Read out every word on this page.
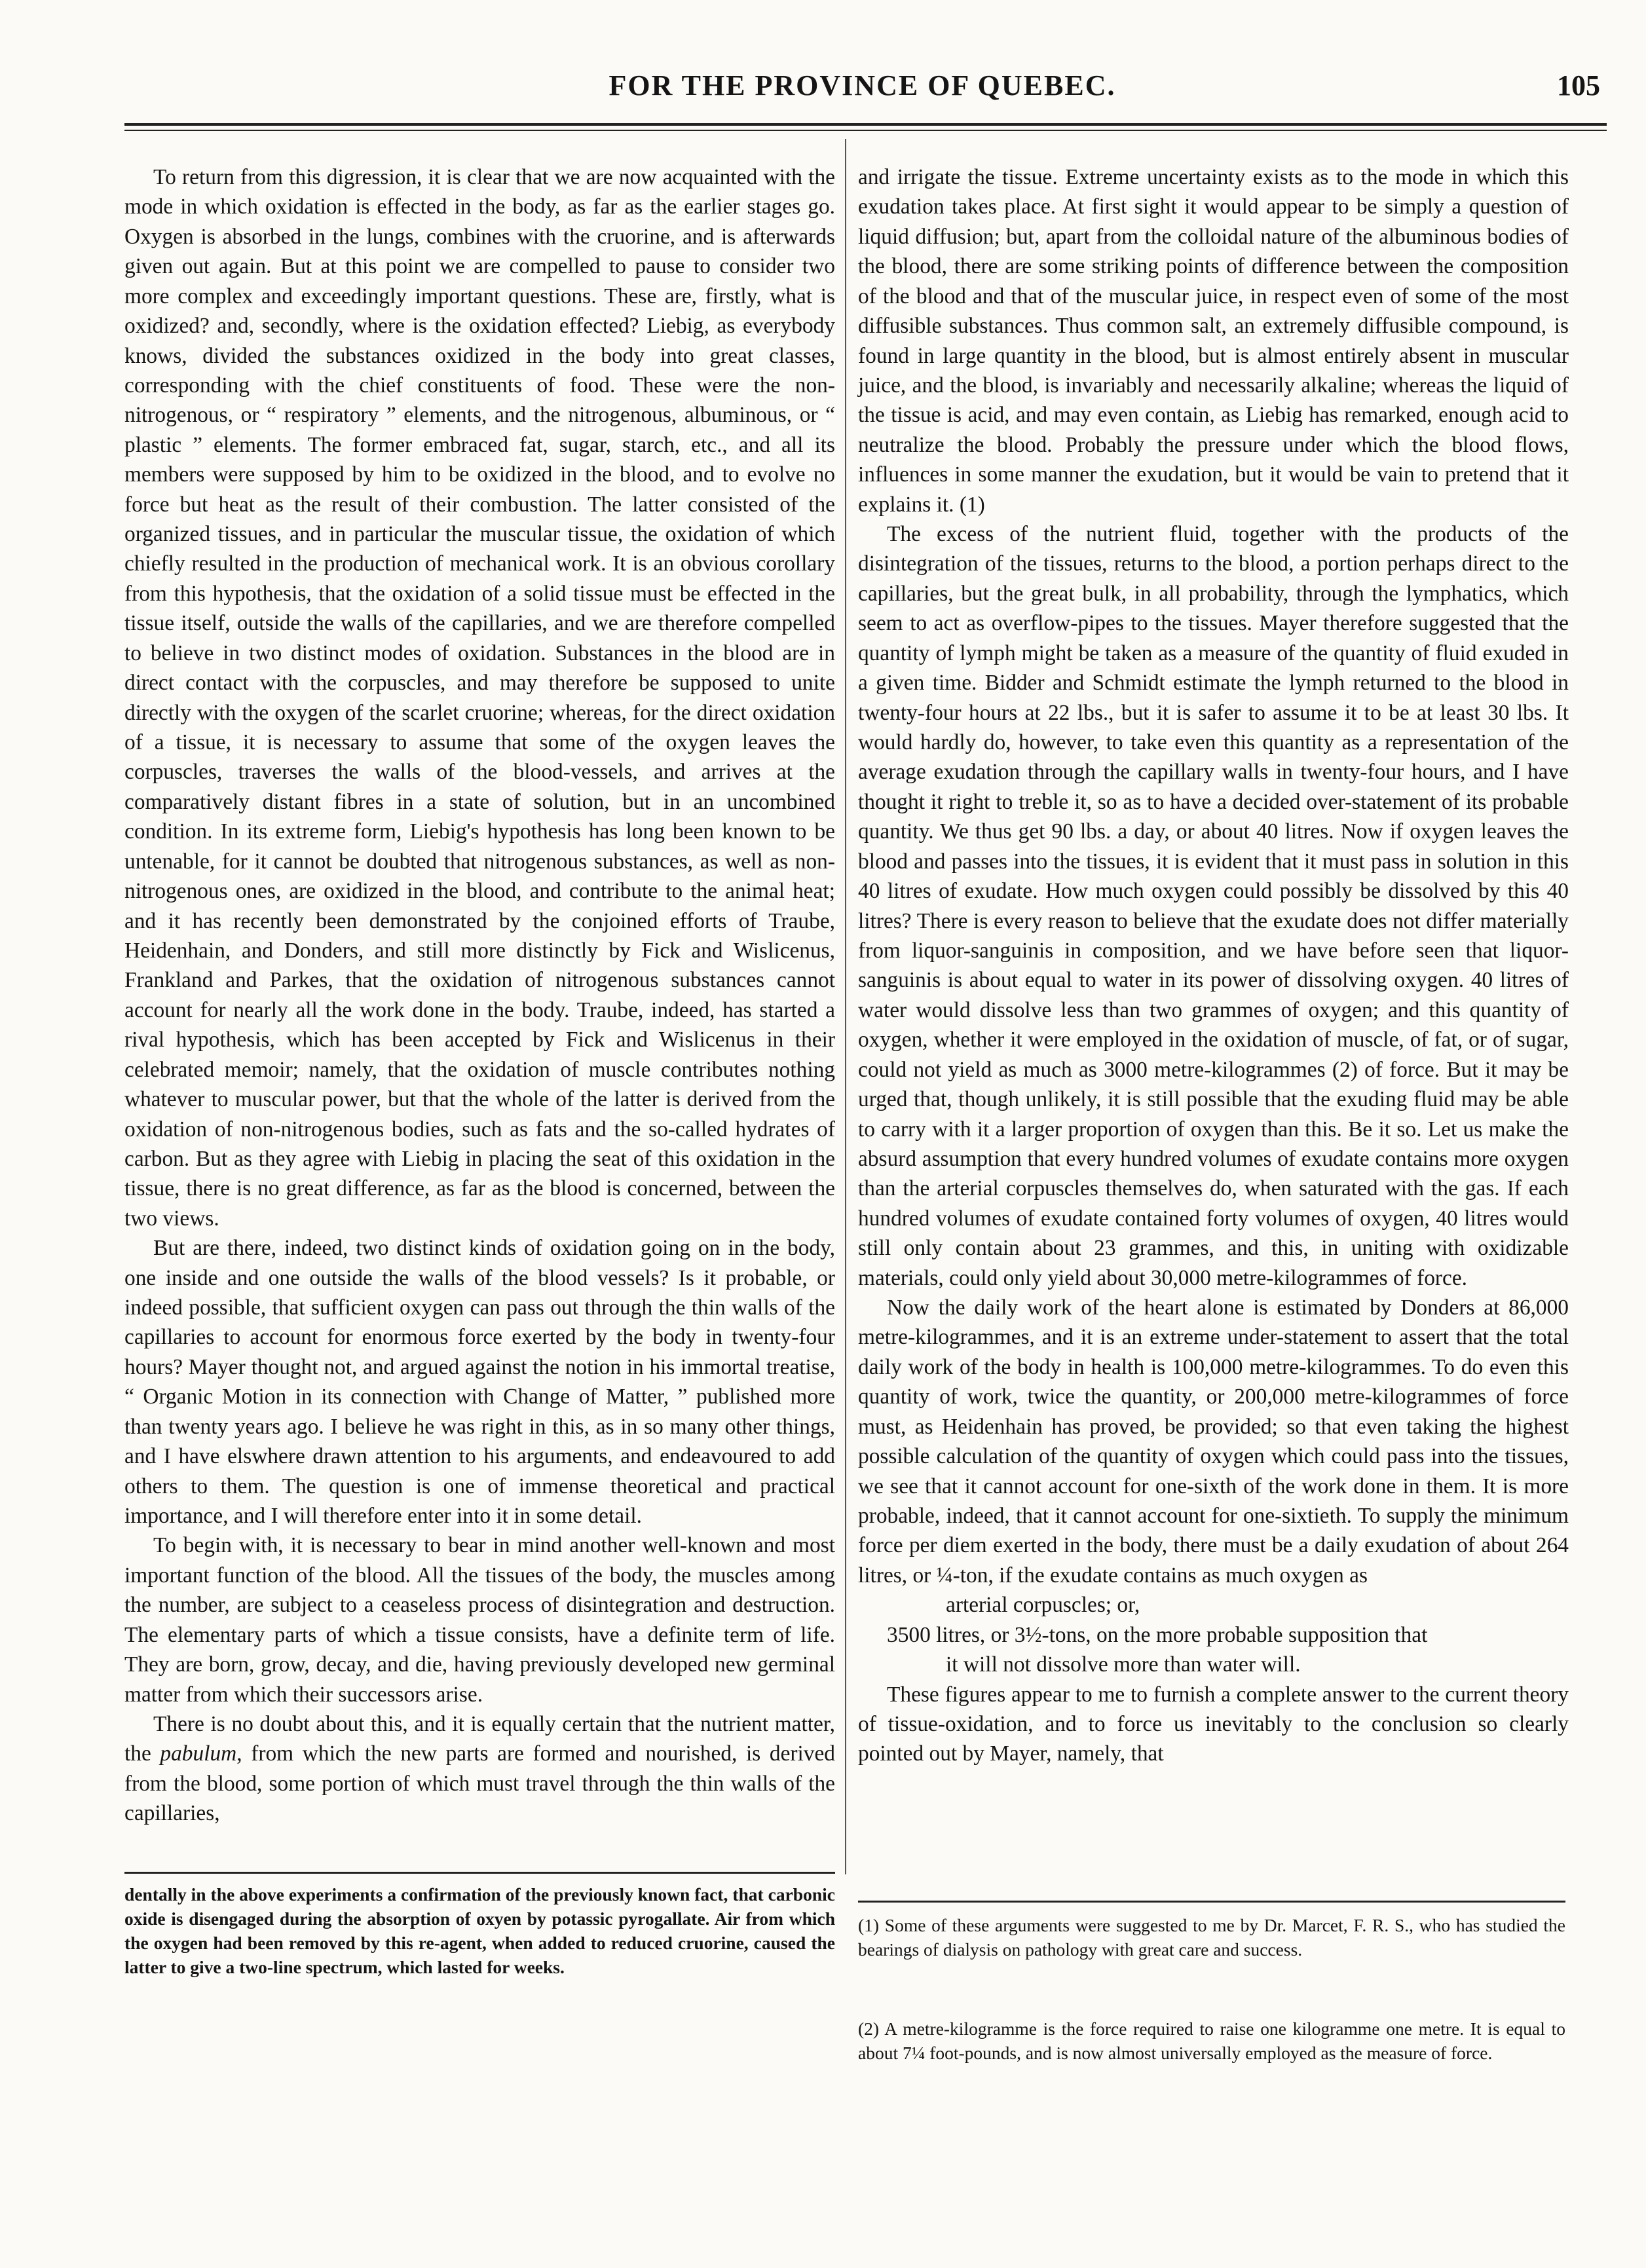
FOR THE PROVINCE OF QUEBEC.	105

To return from this digression, it is clear that we are now acquainted with the mode in which oxidation is effected in the body, as far as the earlier stages go. Oxygen is absorbed in the lungs, combines with the cruorine, and is afterwards given out again. But at this point we are compelled to pause to consider two more complex and exceedingly important questions. These are, firstly, what is oxidized? and, secondly, where is the oxidation effected? Liebig, as everybody knows, divided the substances oxidized in the body into great classes, corresponding with the chief constituents of food. These were the non-nitrogenous, or “ respiratory ” elements, and the nitrogenous, albuminous, or “ plastic ” elements. The former embraced fat, sugar, starch, etc., and all its members were supposed by him to be oxidized in the blood, and to evolve no force but heat as the result of their combustion. The latter consisted of the organized tissues, and in particular the muscular tissue, the oxidation of which chiefly resulted in the production of mechanical work. It is an obvious corollary from this hypothesis, that the oxidation of a solid tissue must be effected in the tissue itself, outside the walls of the capillaries, and we are therefore compelled to believe in two distinct modes of oxidation. Substances in the blood are in direct contact with the corpuscles, and may therefore be supposed to unite directly with the oxygen of the scarlet cruorine; whereas, for the direct oxidation of a tissue, it is necessary to assume that some of the oxygen leaves the corpuscles, traverses the walls of the blood-vessels, and arrives at the comparatively distant fibres in a state of solution, but in an uncombined condition. In its extreme form, Liebig's hypothesis has long been known to be untenable, for it cannot be doubted that nitrogenous substances, as well as non-nitrogenous ones, are oxidized in the blood, and contribute to the animal heat; and it has recently been demonstrated by the conjoined efforts of Traube, Heidenhain, and Donders, and still more distinctly by Fick and Wislicenus, Frankland and Parkes, that the oxidation of nitrogenous substances cannot account for nearly all the work done in the body. Traube, indeed, has started a rival hypothesis, which has been accepted by Fick and Wislicenus in their celebrated memoir; namely, that the oxidation of muscle contributes nothing whatever to muscular power, but that the whole of the latter is derived from the oxidation of non-nitrogenous bodies, such as fats and the so-called hydrates of carbon. But as they agree with Liebig in placing the seat of this oxidation in the tissue, there is no great difference, as far as the blood is concerned, between the two views.

But are there, indeed, two distinct kinds of oxidation going on in the body, one inside and one outside the walls of the blood vessels? Is it probable, or indeed possible, that sufficient oxygen can pass out through the thin walls of the capillaries to account for enormous force exerted by the body in twenty-four hours? Mayer thought not, and argued against the notion in his immortal treatise, “ Organic Motion in its connection with Change of Matter, ” published more than twenty years ago. I believe he was right in this, as in so many other things, and I have elswhere drawn attention to his arguments, and endeavoured to add others to them. The question is one of immense theoretical and practical importance, and I will therefore enter into it in some detail.

To begin with, it is necessary to bear in mind another well-known and most important function of the blood. All the tissues of the body, the muscles among the number, are subject to a ceaseless process of disintegration and destruction. The elementary parts of which a tissue consists, have a definite term of life. They are born, grow, decay, and die, having previously developed new germinal matter from which their successors arise.

There is no doubt about this, and it is equally certain that the nutrient matter, the pabulum, from which the new parts are formed and nourished, is derived from the blood, some portion of which must travel through the thin walls of the capillaries,

and irrigate the tissue. Extreme uncertainty exists as to the mode in which this exudation takes place. At first sight it would appear to be simply a question of liquid diffusion; but, apart from the colloidal nature of the albuminous bodies of the blood, there are some striking points of difference between the composition of the blood and that of the muscular juice, in respect even of some of the most diffusible substances. Thus common salt, an extremely diffusible compound, is found in large quantity in the blood, but is almost entirely absent in muscular juice, and the blood, is invariably and necessarily alkaline; whereas the liquid of the tissue is acid, and may even contain, as Liebig has remarked, enough acid to neutralize the blood. Probably the pressure under which the blood flows, influences in some manner the exudation, but it would be vain to pretend that it explains it. (1)

The excess of the nutrient fluid, together with the products of the disintegration of the tissues, returns to the blood, a portion perhaps direct to the capillaries, but the great bulk, in all probability, through the lymphatics, which seem to act as overflow-pipes to the tissues. Mayer therefore suggested that the quantity of lymph might be taken as a measure of the quantity of fluid exuded in a given time. Bidder and Schmidt estimate the lymph returned to the blood in twenty-four hours at 22 lbs., but it is safer to assume it to be at least 30 lbs. It would hardly do, however, to take even this quantity as a representation of the average exudation through the capillary walls in twenty-four hours, and I have thought it right to treble it, so as to have a decided over-statement of its probable quantity. We thus get 90 lbs. a day, or about 40 litres. Now if oxygen leaves the blood and passes into the tissues, it is evident that it must pass in solution in this 40 litres of exudate. How much oxygen could possibly be dissolved by this 40 litres? There is every reason to believe that the exudate does not differ materially from liquor-sanguinis in composition, and we have before seen that liquor-sanguinis is about equal to water in its power of dissolving oxygen. 40 litres of water would dissolve less than two grammes of oxygen; and this quantity of oxygen, whether it were employed in the oxidation of muscle, of fat, or of sugar, could not yield as much as 3000 metre-kilogrammes (2) of force. But it may be urged that, though unlikely, it is still possible that the exuding fluid may be able to carry with it a larger proportion of oxygen than this. Be it so. Let us make the absurd assumption that every hundred volumes of exudate contains more oxygen than the arterial corpuscles themselves do, when saturated with the gas. If each hundred volumes of exudate contained forty volumes of oxygen, 40 litres would still only contain about 23 grammes, and this, in uniting with oxidizable materials, could only yield about 30,000 metre-kilogrammes of force.

Now the daily work of the heart alone is estimated by Donders at 86,000 metre-kilogrammes, and it is an extreme under-statement to assert that the total daily work of the body in health is 100,000 metre-kilogrammes. To do even this quantity of work, twice the quantity, or 200,000 metre-kilogrammes of force must, as Heidenhain has proved, be provided; so that even taking the highest possible calculation of the quantity of oxygen which could pass into the tissues, we see that it cannot account for one-sixth of the work done in them. It is more probable, indeed, that it cannot account for one-sixtieth. To supply the minimum force per diem exerted in the body, there must be a daily exudation of about 264 litres, or ¼-ton, if the exudate contains as much oxygen as

arterial corpuscles; or,

3500 litres, or 3½-tons, on the more probable supposition that

it will not dissolve more than water will.

These figures appear to me to furnish a complete answer to the current theory of tissue-oxidation, and to force us inevitably to the conclusion so clearly pointed out by Mayer, namely, that

dentally in the above experiments a confirmation of the previously known fact, that carbonic oxide is disengaged during the absorption of oxyen by potassic pyrogallate. Air from which the oxygen had been removed by this re-agent, when added to reduced cruorine, caused the latter to give a two-line spectrum, which lasted for weeks.
(1) Some of these arguments were suggested to me by Dr. Marcet, F. R. S., who has studied the bearings of dialysis on pathology with great care and success.
(2) A metre-kilogramme is the force required to raise one kilogramme one metre. It is equal to about 7¼ foot-pounds, and is now almost universally employed as the measure of force.
